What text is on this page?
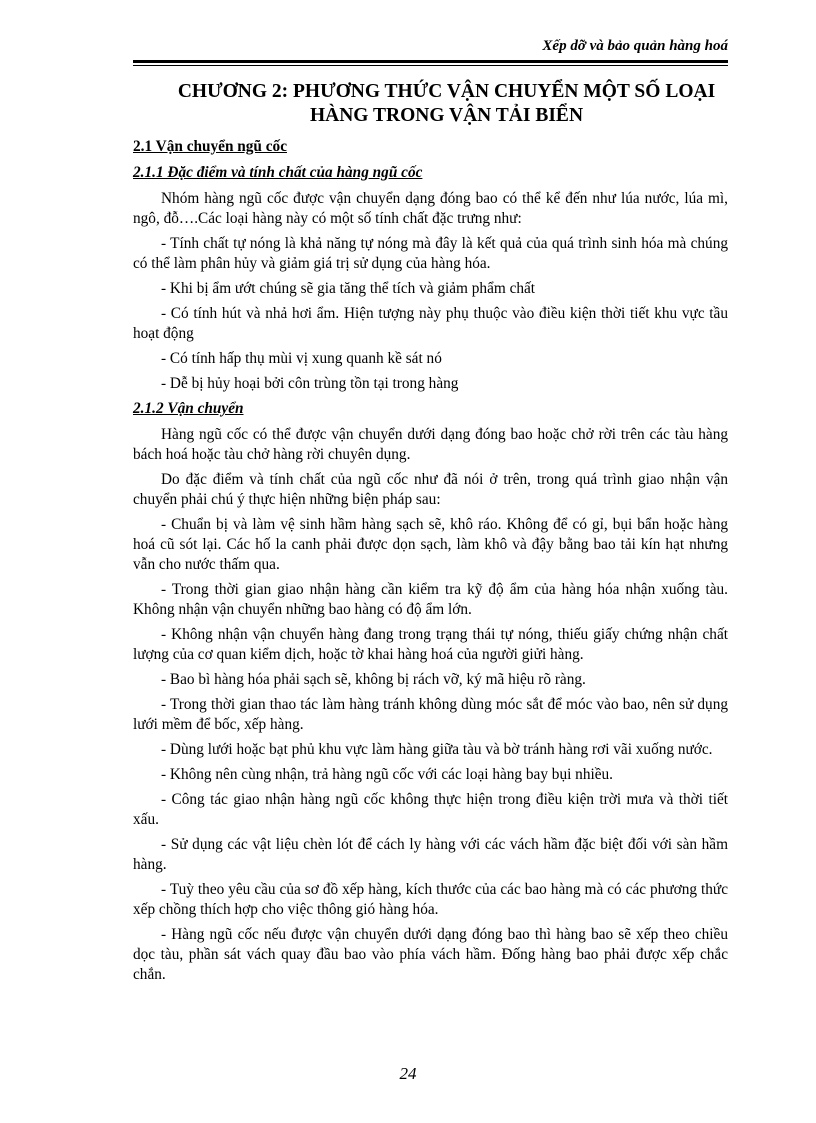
Xếp dỡ và bảo quản hàng hoá
CHƯƠNG 2: PHƯƠNG THỨC VẬN CHUYỂN MỘT SỐ LOẠI
HÀNG TRONG VẬN TẢI BIỂN
2.1 Vận chuyển ngũ cốc
2.1.1 Đặc điểm và tính chất của hàng ngũ cốc

Nhóm hàng ngũ cốc được vận chuyển dạng đóng bao có thể kể đến như lúa nước, lúa mì, ngô, đỗ….Các loại hàng này có một số tính chất đặc trưng như:

- Tính chất tự nóng là khả năng tự nóng mà đây là kết quả của quá trình sinh hóa mà chúng có thể làm phân hủy và giảm giá trị sử dụng của hàng hóa.

- Khi bị ẩm ướt chúng sẽ gia tăng thể tích và giảm phẩm chất

- Có tính hút và nhả hơi ẩm. Hiện tượng này phụ thuộc vào điều kiện thời tiết khu vực tầu hoạt động

- Có tính hấp thụ mùi vị xung quanh kề sát nó

- Dễ bị hủy hoại bởi côn trùng tồn tại trong hàng

2.1.2 Vận chuyển

Hàng ngũ cốc có thể được vận chuyển dưới dạng đóng bao hoặc chở rời trên các tàu hàng bách hoá hoặc tàu chở hàng rời chuyên dụng.

Do đặc điểm và tính chất của ngũ cốc như đã nói ở trên, trong quá trình giao nhận vận chuyển phải chú ý thực hiện những biện pháp sau:

- Chuẩn bị và làm vệ sinh hầm hàng sạch sẽ, khô ráo. Không để có gỉ, bụi bẩn hoặc hàng hoá cũ sót lại. Các hố la canh phải được dọn sạch, làm khô và đậy bằng bao tải kín hạt nhưng vẫn cho nước thấm qua.

- Trong thời gian giao nhận hàng cần kiểm tra kỹ độ ẩm của hàng hóa nhận xuống tàu. Không nhận vận chuyển những bao hàng có độ ẩm lớn.

- Không nhận vận chuyển hàng đang trong trạng thái tự nóng, thiếu giấy chứng nhận chất lượng của cơ quan kiểm dịch, hoặc tờ khai hàng hoá của người giửi hàng.

- Bao bì hàng hóa phải sạch sẽ, không bị rách vỡ, ký mã hiệu rõ ràng.

- Trong thời gian thao tác làm hàng tránh không dùng móc sắt để móc vào bao, nên sử dụng lưới mềm để bốc, xếp hàng.

- Dùng lưới hoặc bạt phủ khu vực làm hàng giữa tàu và bờ tránh hàng rơi vãi xuống nước.

- Không nên cùng nhận, trả hàng ngũ cốc với các loại hàng bay bụi nhiều.

- Công tác giao nhận hàng ngũ cốc không thực hiện trong điều kiện trời mưa và thời tiết xấu.

- Sử dụng các vật liệu chèn lót để cách ly hàng với các vách hầm đặc biệt đối với sàn hầm hàng.

- Tuỳ theo yêu cầu của sơ đồ xếp hàng, kích thước của các bao hàng mà có các phương thức xếp chồng thích hợp cho việc thông gió hàng hóa.

- Hàng ngũ cốc nếu được vận chuyển dưới dạng đóng bao thì hàng bao sẽ xếp theo chiều dọc tàu, phần sát vách quay đầu bao vào phía vách hầm. Đống hàng bao phải được xếp chắc chắn.

24
